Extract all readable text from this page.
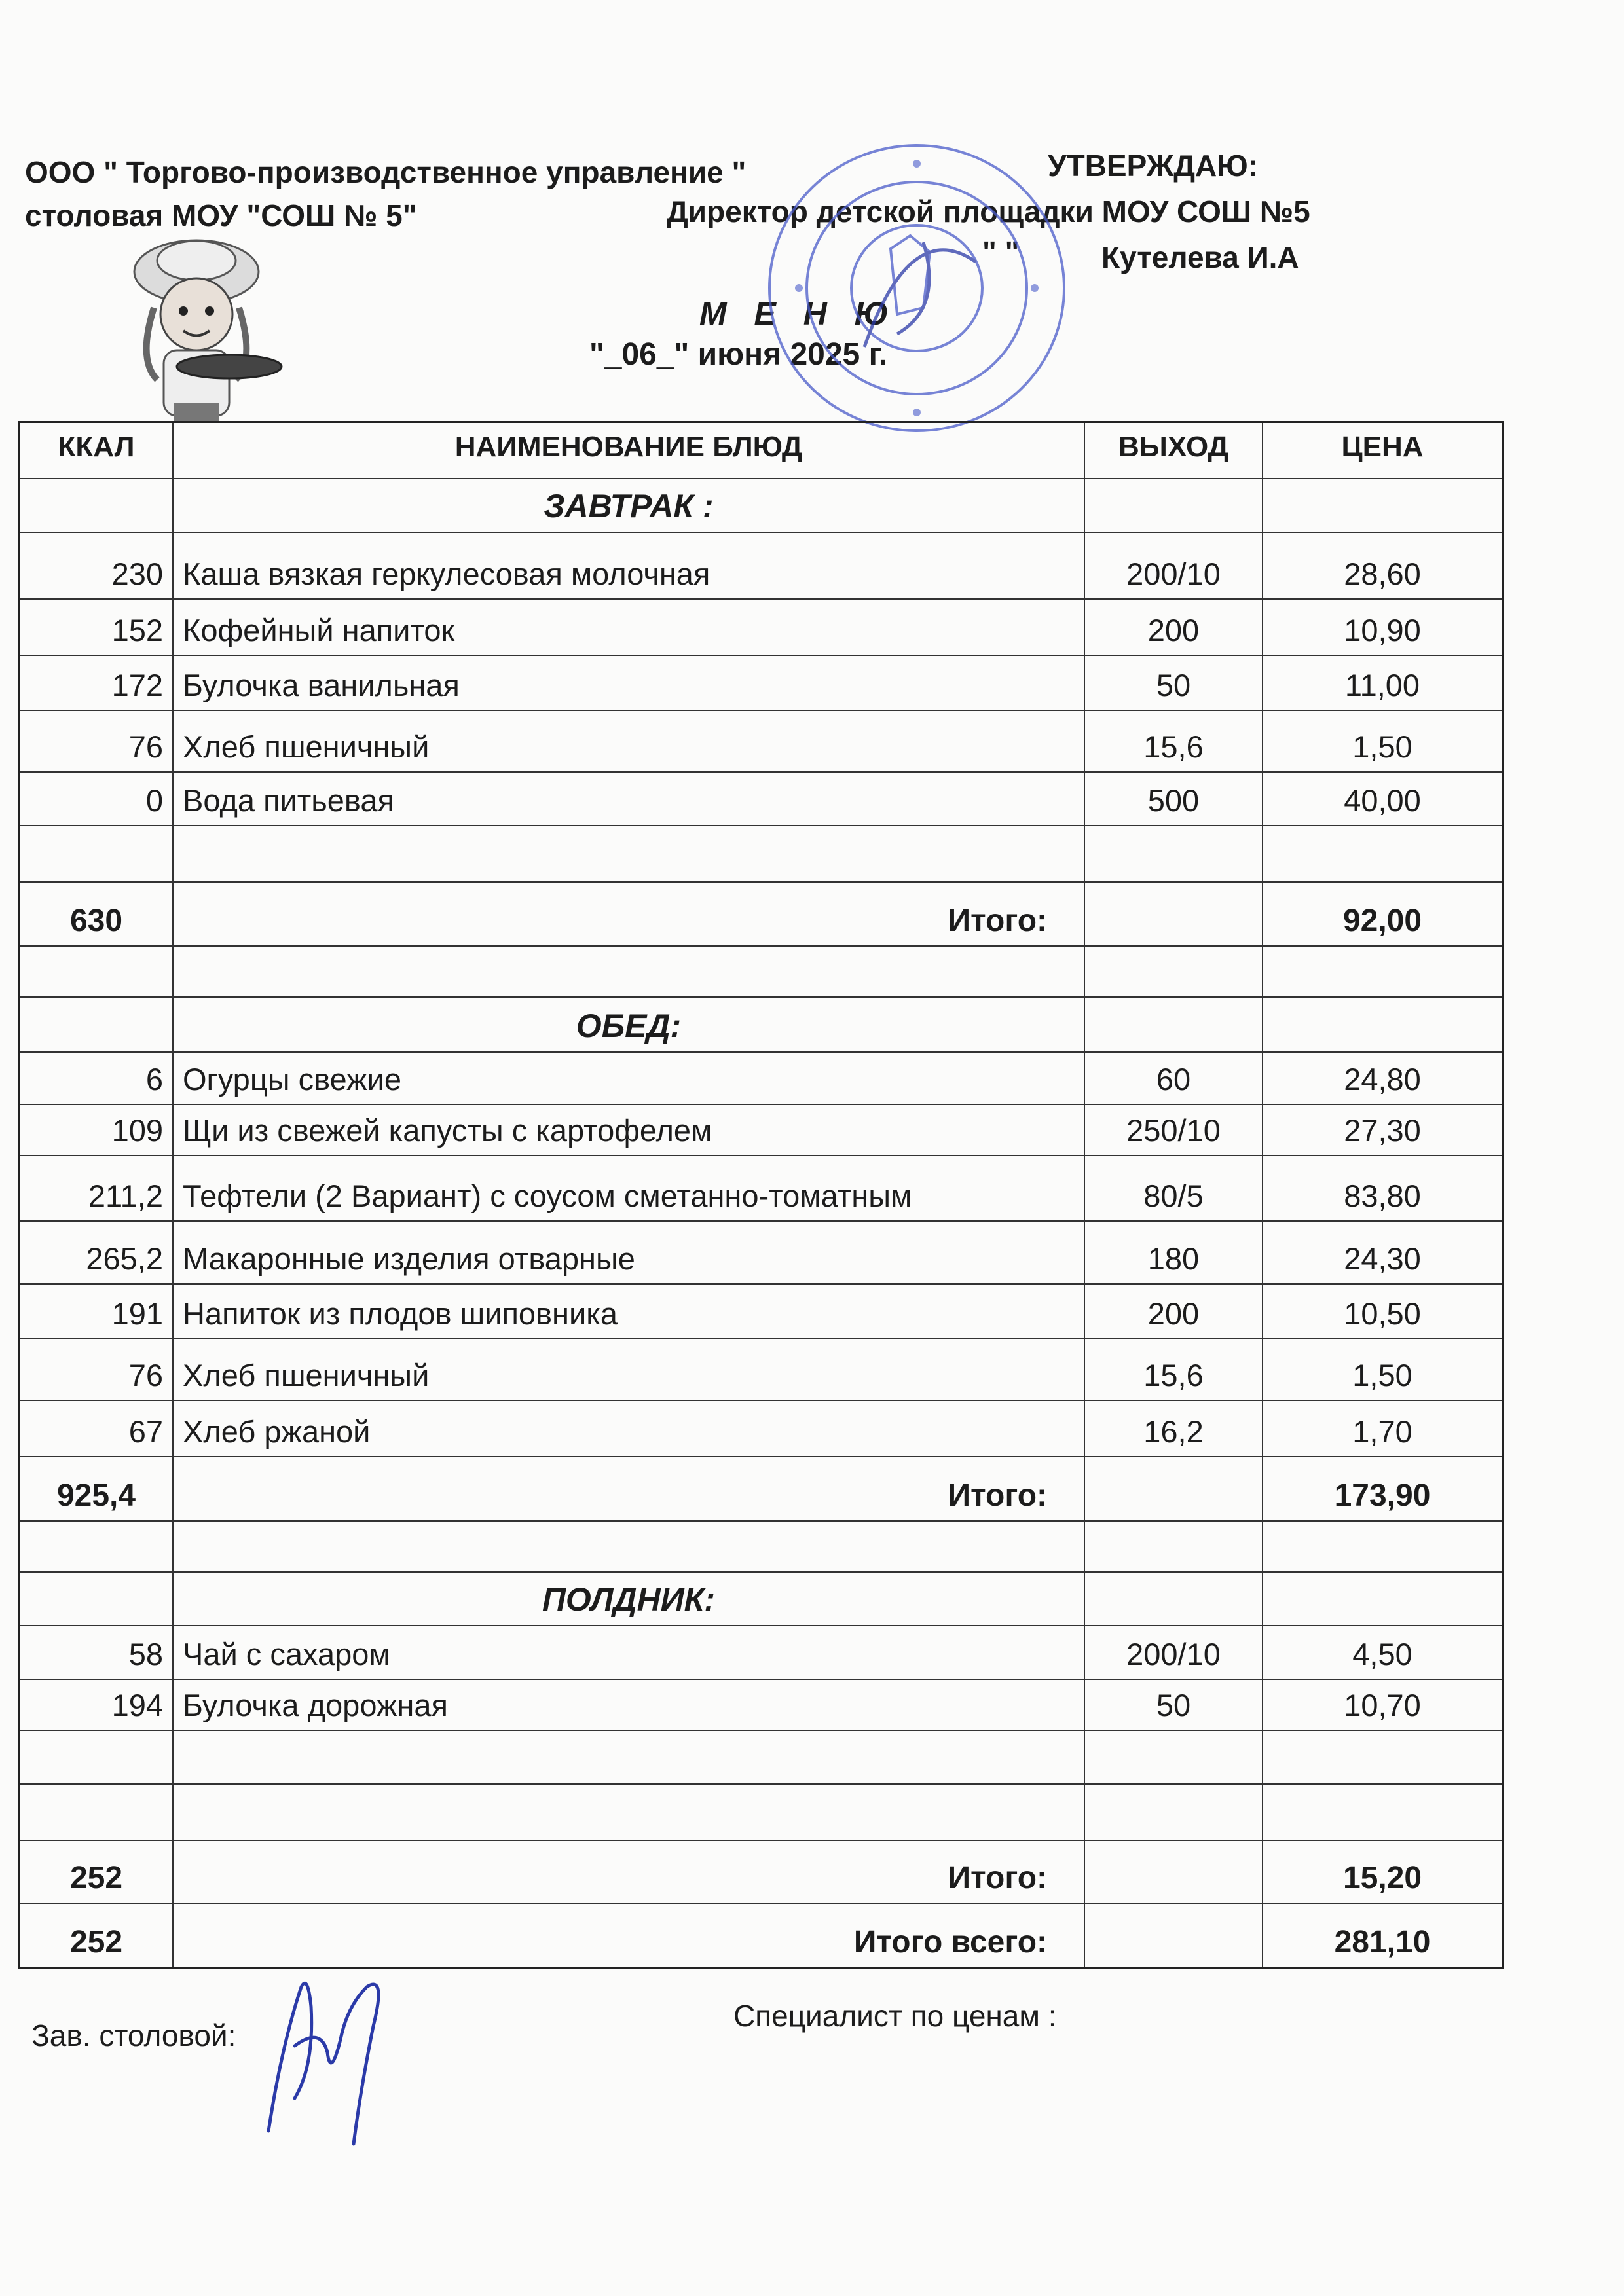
ООО " Торгово-производственное управление "
столовая МОУ "СОШ № 5"
УТВЕРЖДАЮ:
Директор детской площадки МОУ СОШ №5
" "	Кутелева И.А
М Е Н Ю
"_06_" июня 2025 г.
ККАЛ	НАИМЕНОВАНИЕ БЛЮД	ВЫХОД	ЦЕНА
ЗАВТРАК :
230 Каша вязкая геркулесовая молочная	200/10	28,60
152 Кофейный напиток	200	10,90
172 Булочка ванильная	50	11,00
76 Хлеб пшеничный	15,6	1,50
0 Вода питьевая	500	40,00
630	Итого:	92,00
ОБЕД:
6 Огурцы свежие	60	24,80
109 Щи из свежей капусты с картофелем	250/10	27,30
211,2 Тефтели (2 Вариант) с соусом сметанно-томатным	80/5	83,80
265,2 Макаронные изделия отварные	180	24,30
191 Напиток из плодов шиповника	200	10,50
76 Хлеб пшеничный	15,6	1,50
67 Хлеб ржаной	16,2	1,70
925,4	Итого:	173,90
ПОЛДНИК:
58 Чай с сахаром	200/10	4,50
194 Булочка дорожная	50	10,70
252	Итого:	15,20
252	Итого всего:	281,10
Зав. столовой:
Специалист по ценам :
